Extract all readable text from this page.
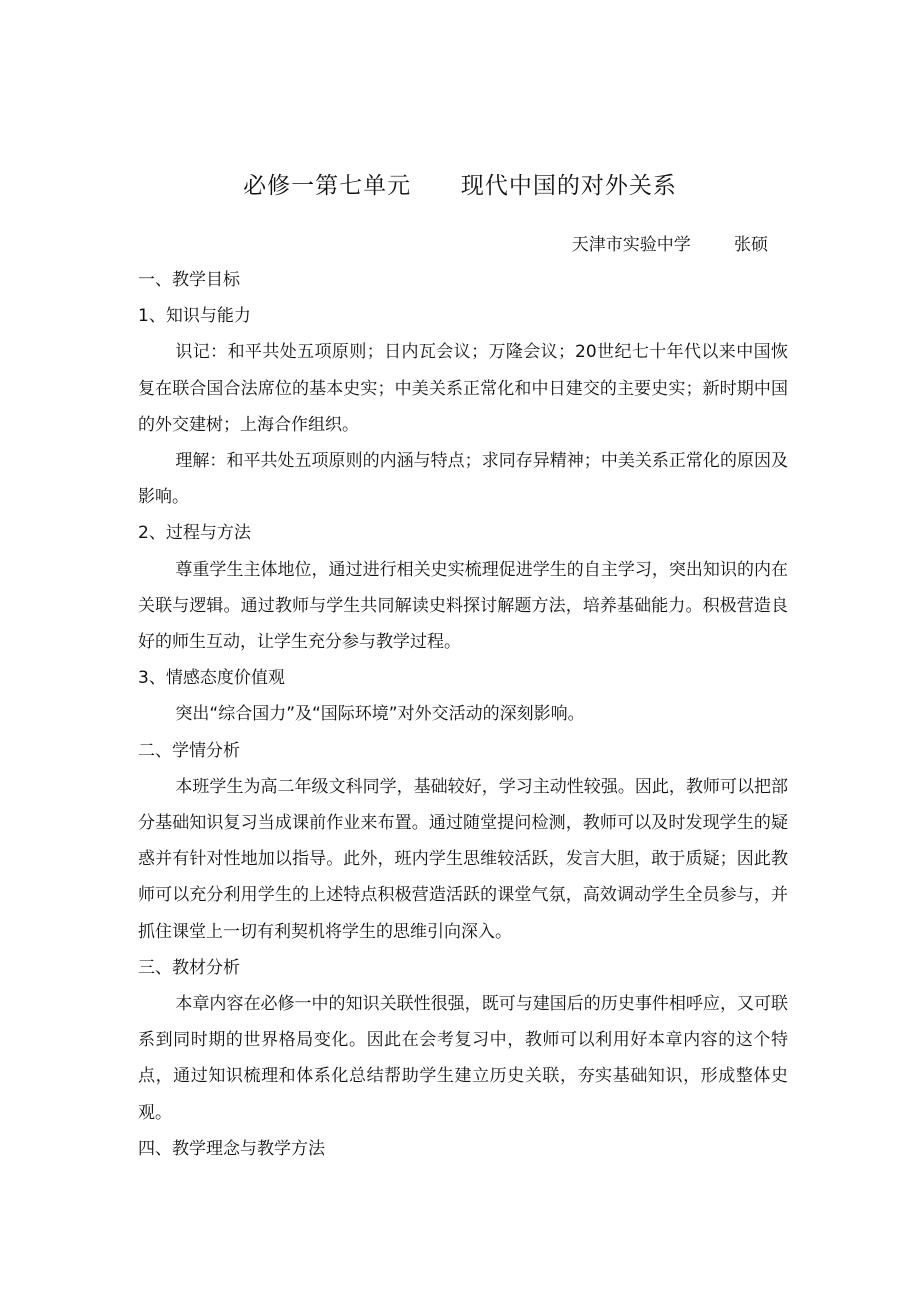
必修一第七单元      现代中国的对外关系
天津市实验中学        张硕

一、教学目标

1、知识与能力

识记：和平共处五项原则；日内瓦会议；万隆会议；20世纪七十年代以来中国恢复在联合国合法席位的基本史实；中美关系正常化和中日建交的主要史实；新时期中国的外交建树；上海合作组织。

理解：和平共处五项原则的内涵与特点；求同存异精神；中美关系正常化的原因及影响。

2、过程与方法

尊重学生主体地位，通过进行相关史实梳理促进学生的自主学习，突出知识的内在关联与逻辑。通过教师与学生共同解读史料探讨解题方法，培养基础能力。积极营造良好的师生互动，让学生充分参与教学过程。

3、情感态度价值观

突出“综合国力”及“国际环境”对外交活动的深刻影响。

二、学情分析

本班学生为高二年级文科同学，基础较好，学习主动性较强。因此，教师可以把部分基础知识复习当成课前作业来布置。通过随堂提问检测，教师可以及时发现学生的疑惑并有针对性地加以指导。此外，班内学生思维较活跃，发言大胆，敢于质疑；因此教师可以充分利用学生的上述特点积极营造活跃的课堂气氛，高效调动学生全员参与，并抓住课堂上一切有利契机将学生的思维引向深入。

三、教材分析

本章内容在必修一中的知识关联性很强，既可与建国后的历史事件相呼应，又可联系到同时期的世界格局变化。因此在会考复习中，教师可以利用好本章内容的这个特点，通过知识梳理和体系化总结帮助学生建立历史关联，夯实基础知识，形成整体史观。

四、教学理念与教学方法
